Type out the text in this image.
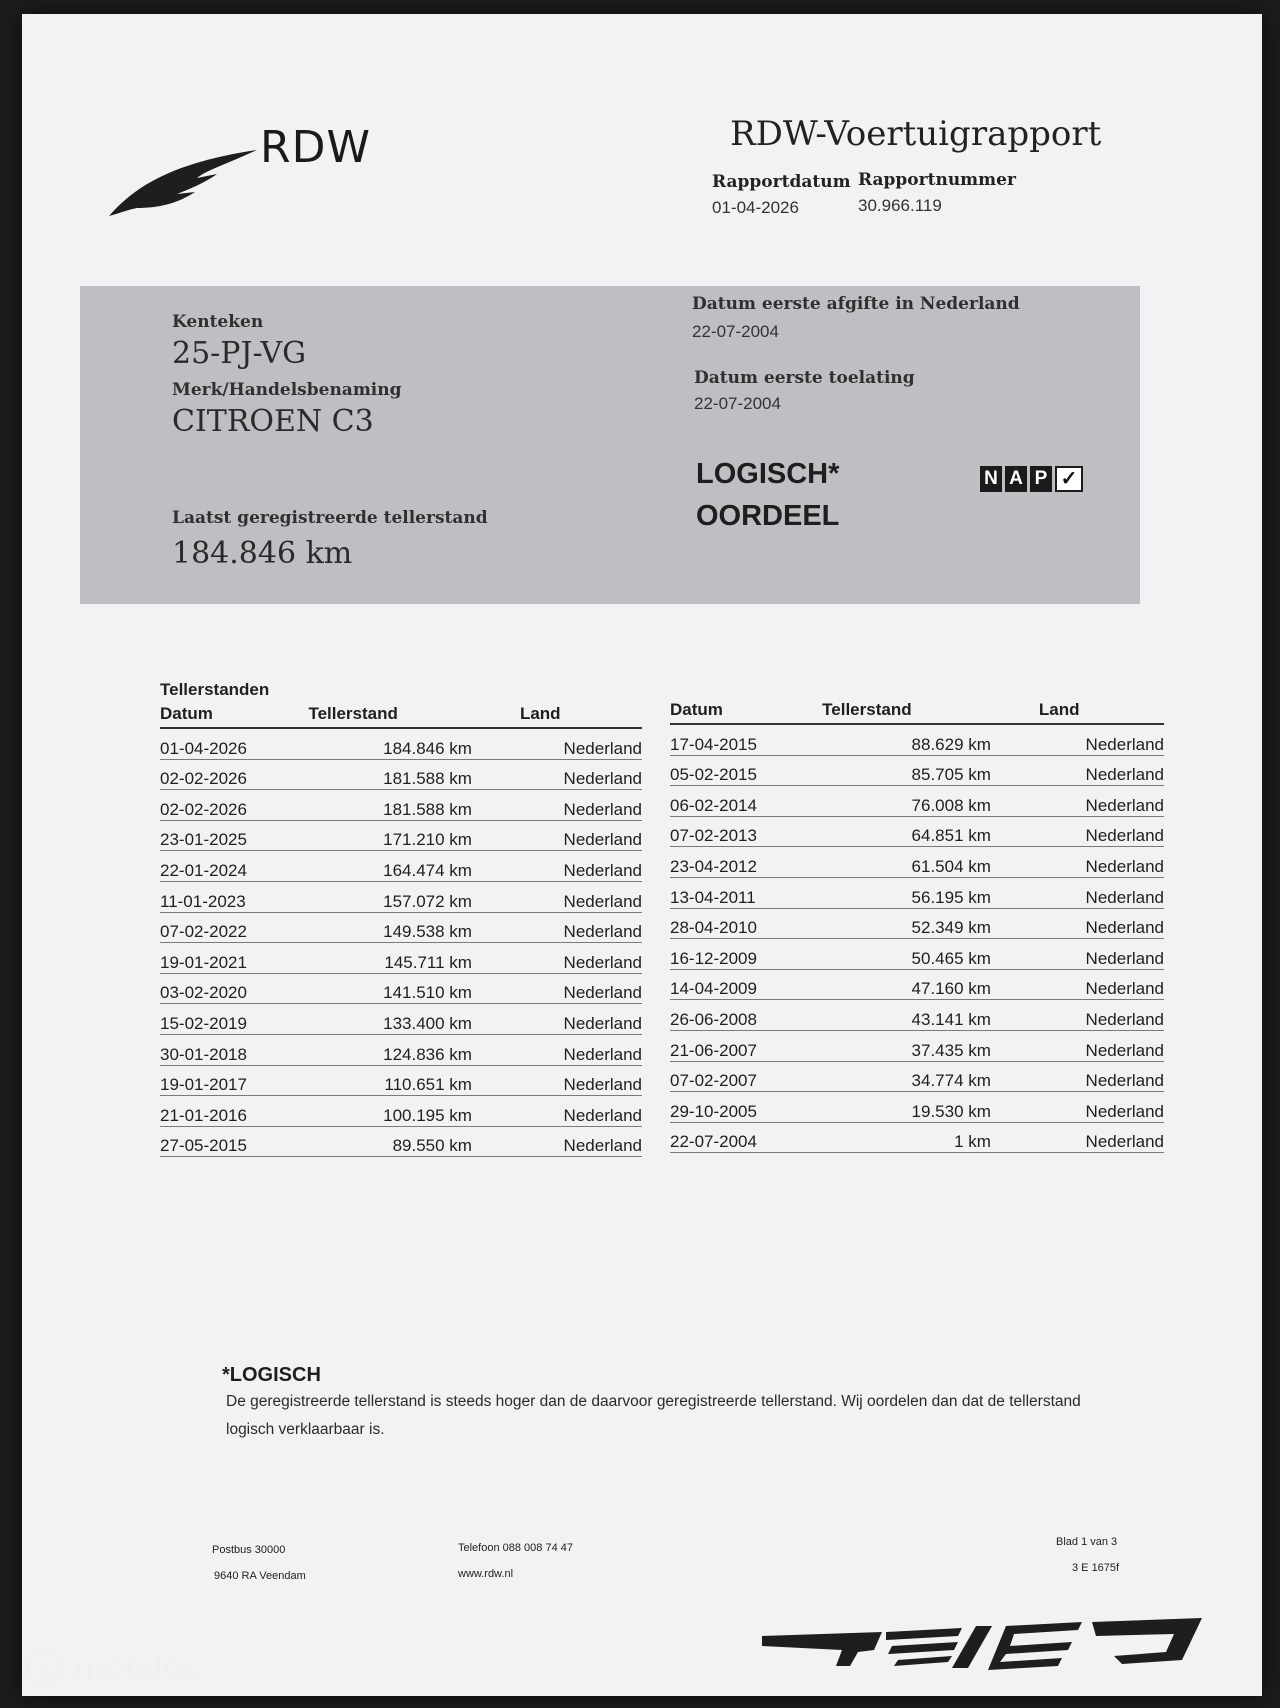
RDW	RDW-Voertuigrapport
Rapportdatum
01-04-2026
Rapportnummer
30.966.119
Kenteken
25-PJ-VG
Merk/Handelsbenaming
CITROEN C3
Laatst geregistreerde tellerstand
184.846 km
Datum eerste afgifte in Nederland
22-07-2004
Datum eerste toelating
22-07-2004
LOGISCH*
OORDEEL
N A P ✓
Tellerstanden
Datum	Tellerstand	Land
01-04-2026	184.846 km	Nederland
02-02-2026	181.588 km	Nederland
02-02-2026	181.588 km	Nederland
23-01-2025	171.210 km	Nederland
22-01-2024	164.474 km	Nederland
11-01-2023	157.072 km	Nederland
07-02-2022	149.538 km	Nederland
19-01-2021	145.711 km	Nederland
03-02-2020	141.510 km	Nederland
15-02-2019	133.400 km	Nederland
30-01-2018	124.836 km	Nederland
19-01-2017	110.651 km	Nederland
21-01-2016	100.195 km	Nederland
27-05-2015	89.550 km	Nederland
Datum	Tellerstand	Land
17-04-2015	88.629 km	Nederland
05-02-2015	85.705 km	Nederland
06-02-2014	76.008 km	Nederland
07-02-2013	64.851 km	Nederland
23-04-2012	61.504 km	Nederland
13-04-2011	56.195 km	Nederland
28-04-2010	52.349 km	Nederland
16-12-2009	50.465 km	Nederland
14-04-2009	47.160 km	Nederland
26-06-2008	43.141 km	Nederland
21-06-2007	37.435 km	Nederland
07-02-2007	34.774 km	Nederland
29-10-2005	19.530 km	Nederland
22-07-2004	1 km	Nederland
*LOGISCH
De geregistreerde tellerstand is steeds hoger dan de daarvoor geregistreerde tellerstand. Wij oordelen dan dat de tellerstand logisch verklaarbaar is.
Postbus 30000
9640 RA Veendam
Telefoon 088 008 74 47
www.rdw.nl
Blad 1 van 3
3 E 1675f
mobilox
